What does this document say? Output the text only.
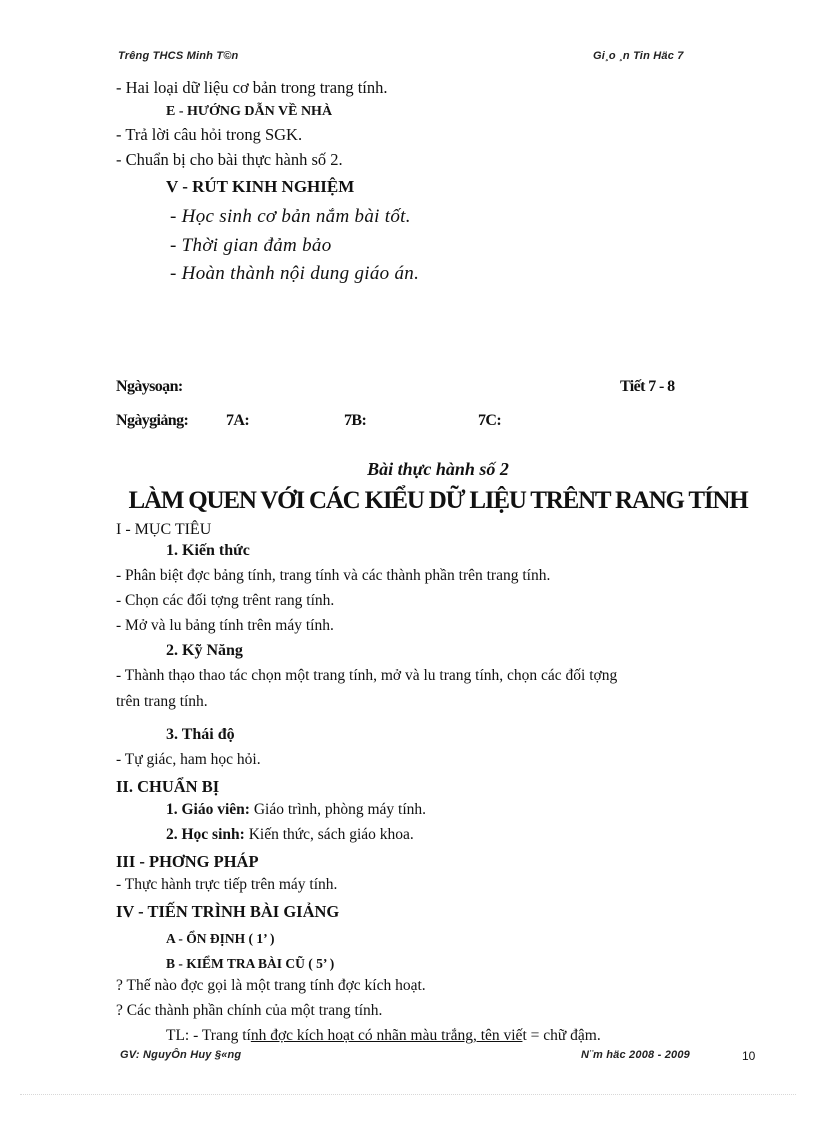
Trêng THCS Minh T©n	Gi¸o ¸n Tin Häc 7
- Hai loại dữ liệu cơ bản trong trang tính.
E - HƯỚNG DẪN VỀ NHÀ
- Trả lời câu hỏi trong SGK.
- Chuẩn bị cho bài thực hành số 2.
V - RÚT KINH NGHIỆM
- Học sinh cơ bản nắm bài tốt.
- Thời gian đảm bảo
- Hoàn thành nội dung giáo án.
Ngàysoạn:	Tiết 7 - 8
Ngàygiảng: 7A:	7B:	7C:
Bài thực hành số 2
LÀM QUEN VỚI CÁC KIỂU DỮ LIỆU TRÊNT RANG TÍNH
I - MỤC TIÊU
1. Kiến thức
- Phân biệt đợc bảng tính, trang tính và các thành phần trên trang tính.
- Chọn các đối tợng trênt rang tính.
- Mở và lu bảng tính trên máy tính.
2. Kỹ Năng
- Thành thạo thao tác chọn một trang tính, mở và lu trang tính, chọn các đối tợng
trên trang tính.
3. Thái độ
- Tự giác, ham học hỏi.
II. CHUẨN BỊ
1. Giáo viên: Giáo trình, phòng máy tính.
2. Học sinh: Kiến thức, sách giáo khoa.
III - PHƠNG PHÁP
- Thực hành trực tiếp trên máy tính.
IV - TIẾN TRÌNH BÀI GIẢNG
A - ỔN ĐỊNH ( 1’ )
B - KIỂM TRA BÀI CŨ ( 5’ )
? Thế nào đợc gọi là một trang tính đợc kích hoạt.
? Các thành phần chính của một trang tính.
TL: - Trang tính đợc kích hoạt có nhãn màu trắng, tên viết = chữ đậm.
GV: NguyÔn Huy §«ng	N¨m häc 2008 - 2009	10
